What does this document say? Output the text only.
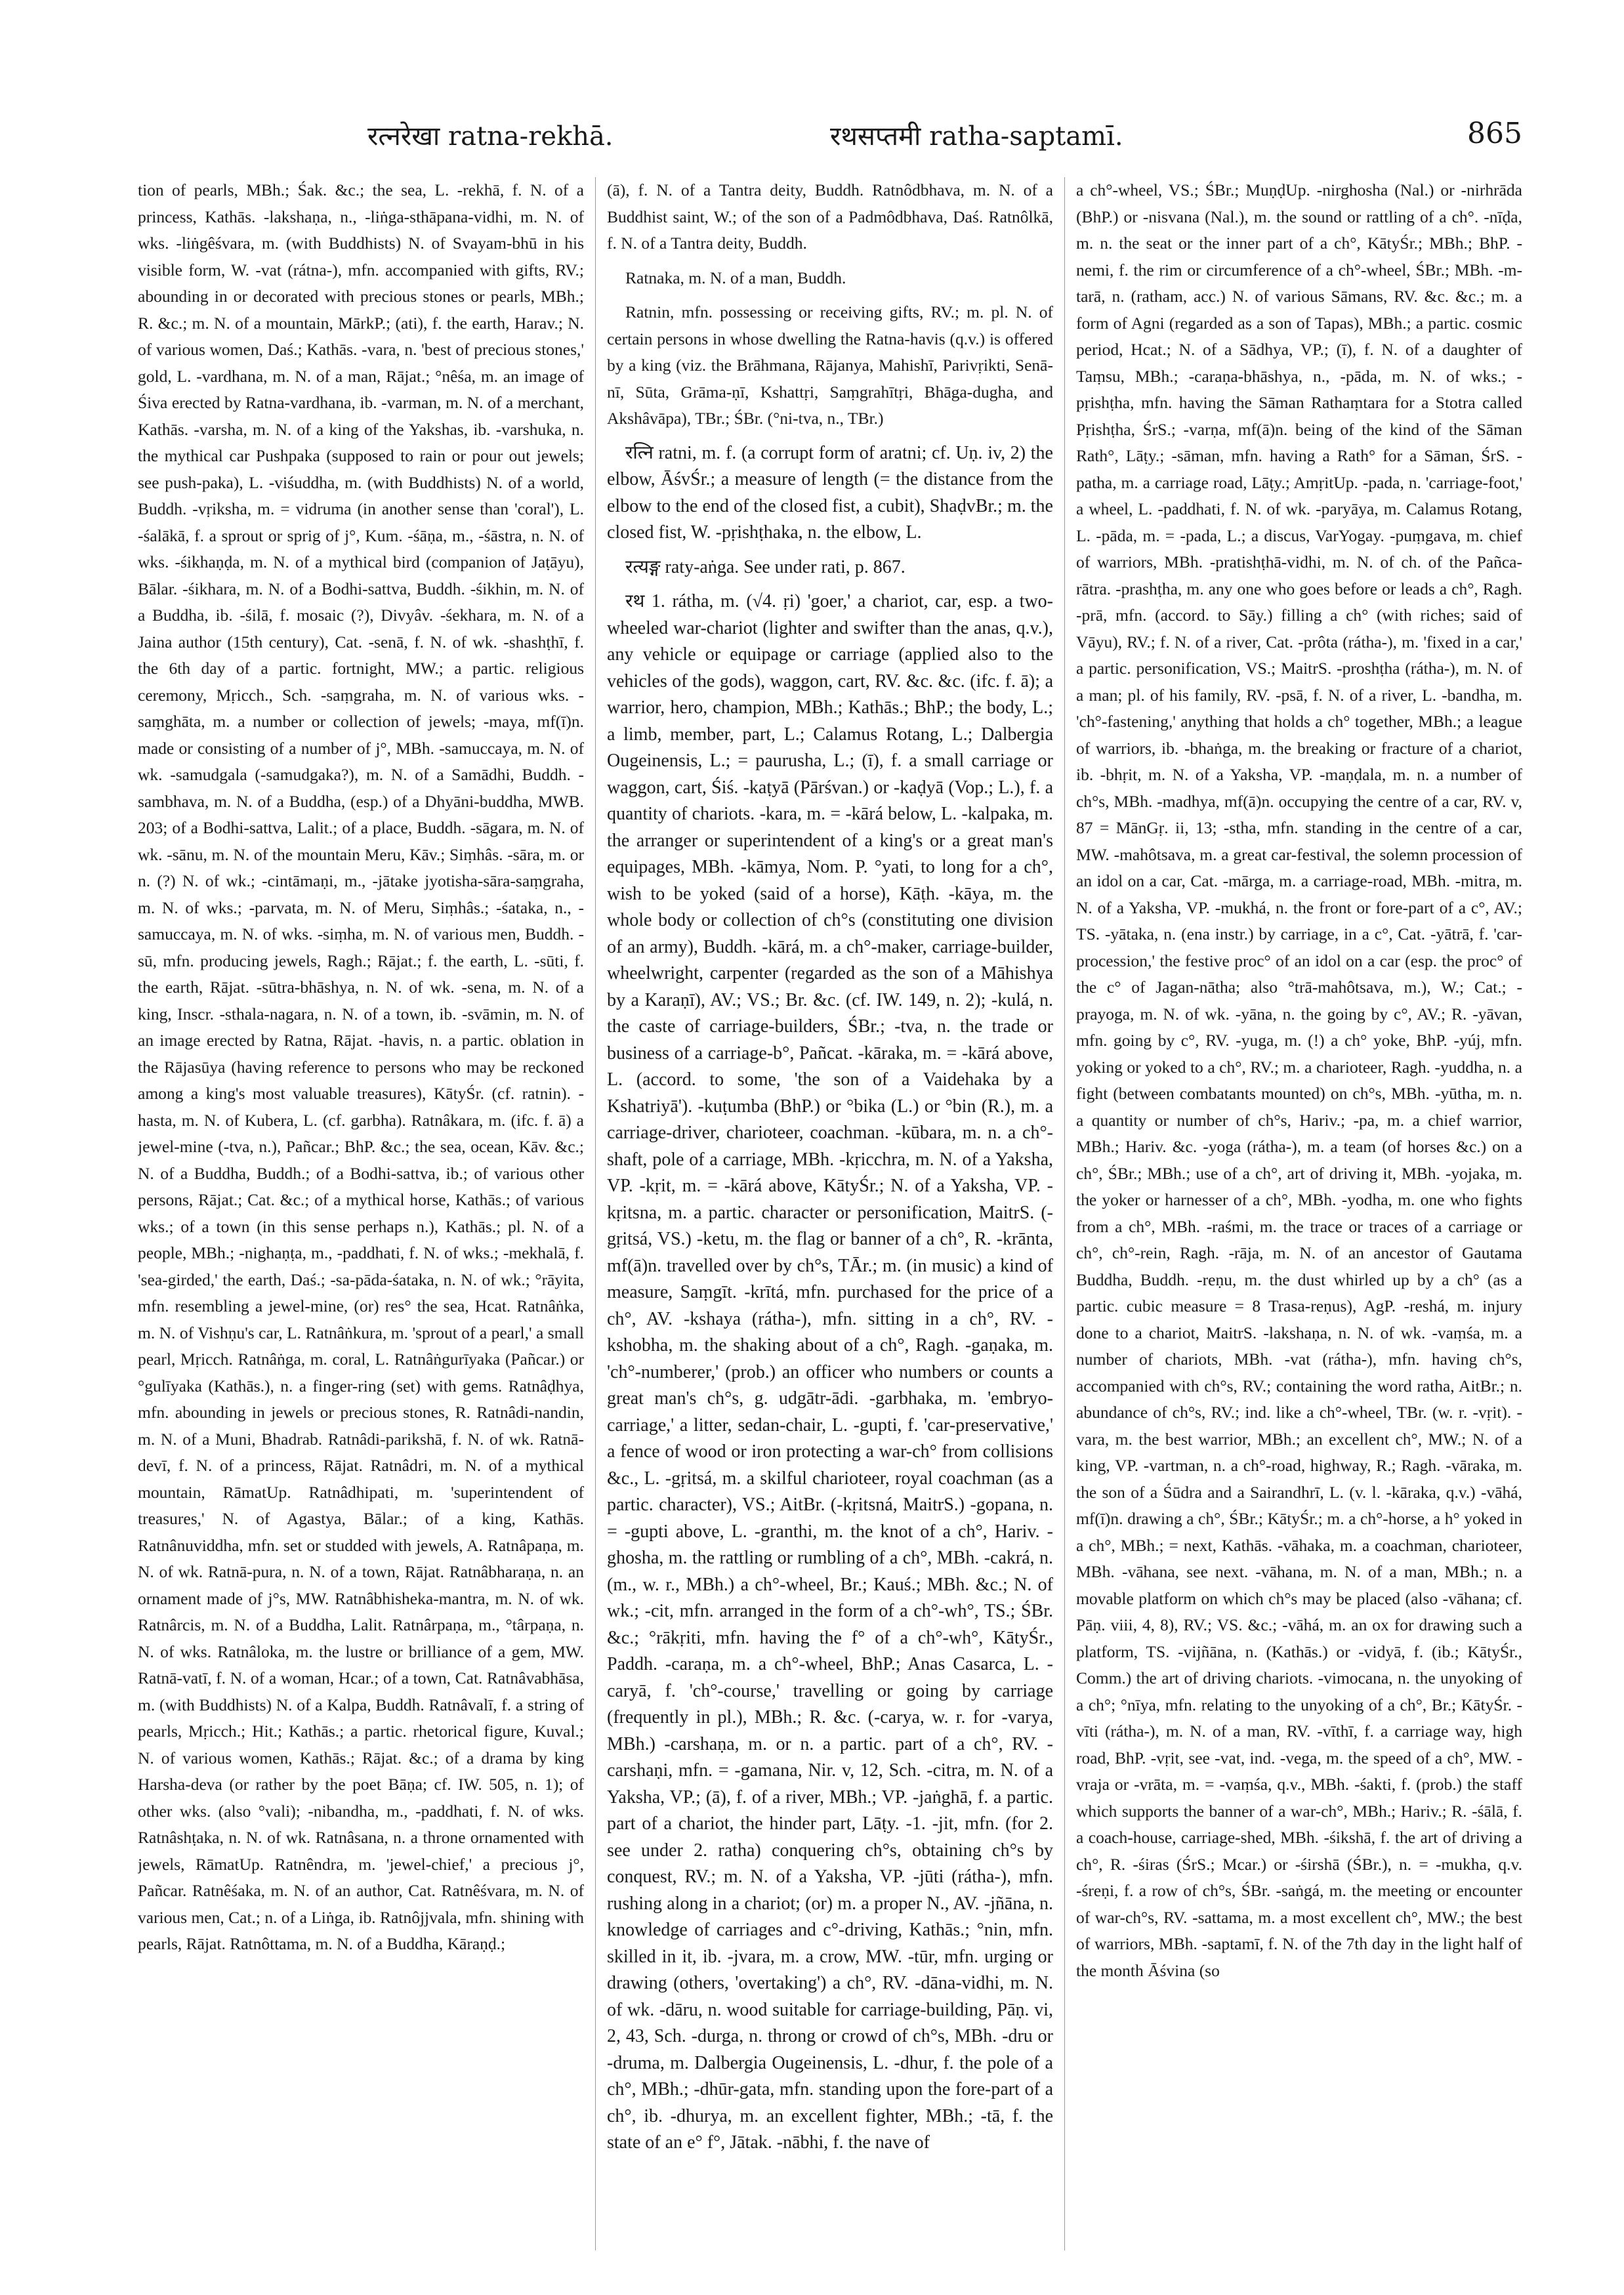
रत्नरेखा ratna-rekhā.	रथसप्तमी ratha-saptamī.	865

tion of pearls, MBh.; Śak. &c.; the sea, L. -rekhā, f. N. of a princess, Kathās. -lakshaṇa, n., -liṅga-sthāpana-vidhi, m. N. of wks. -liṅgêśvara, m. (with Buddhists) N. of Svayam-bhū in his visible form, W. -vat (rátna-), mfn. accompanied with gifts, RV.; abounding in or decorated with precious stones or pearls, MBh.; R. &c.; m. N. of a mountain, MārkP.; (ati), f. the earth, Harav.; N. of various women, Daś.; Kathās. -vara, n. 'best of precious stones,' gold, L. -vardhana, m. N. of a man, Rājat.; °nêśa, m. an image of Śiva erected by Ratna-vardhana, ib. -varman, m. N. of a merchant, Kathās. -varsha, m. N. of a king of the Yakshas, ib. -varshuka, n. the mythical car Pushpaka (supposed to rain or pour out jewels; see push-paka), L. -viśuddha, m. (with Buddhists) N. of a world, Buddh. -vṛiksha, m. = vidruma (in another sense than 'coral'), L. -śalākā, f. a sprout or sprig of j°, Kum. -śāṇa, m., -śāstra, n. N. of wks. -śikhaṇḍa, m. N. of a mythical bird (companion of Jaṭāyu), Bālar. -śikhara, m. N. of a Bodhi-sattva, Buddh. -śikhin, m. N. of a Buddha, ib. -śilā, f. mosaic (?), Divyâv. -śekhara, m. N. of a Jaina author (15th century), Cat. -senā, f. N. of wk. -shashṭhī, f. the 6th day of a partic. fortnight, MW.; a partic. religious ceremony, Mṛicch., Sch. -saṃgraha, m. N. of various wks. -saṃghāta, m. a number or collection of jewels; -maya, mf(ī)n. made or consisting of a number of j°, MBh. -samuccaya, m. N. of wk. -samudgala (-samudgaka?), m. N. of a Samādhi, Buddh. -sambhava, m. N. of a Buddha, (esp.) of a Dhyāni-buddha, MWB. 203; of a Bodhi-sattva, Lalit.; of a place, Buddh. -sāgara, m. N. of wk. -sānu, m. N. of the mountain Meru, Kāv.; Siṃhâs. -sāra, m. or n. (?) N. of wk.; -cintāmaṇi, m., -jātake jyotisha-sāra-saṃgraha, m. N. of wks.; -parvata, m. N. of Meru, Siṃhâs.; -śataka, n., -samuccaya, m. N. of wks. -siṃha, m. N. of various men, Buddh. -sū, mfn. producing jewels, Ragh.; Rājat.; f. the earth, L. -sūti, f. the earth, Rājat. -sūtra-bhāshya, n. N. of wk. -sena, m. N. of a king, Inscr. -sthala-nagara, n. N. of a town, ib. -svāmin, m. N. of an image erected by Ratna, Rājat. -havis, n. a partic. oblation in the Rājasūya (having reference to persons who may be reckoned among a king's most valuable treasures), KātyŚr. (cf. ratnin). -hasta, m. N. of Kubera, L. (cf. garbha). Ratnâkara, m. (ifc. f. ā) a jewel-mine (-tva, n.), Pañcar.; BhP. &c.; the sea, ocean, Kāv. &c.; N. of a Buddha, Buddh.; of a Bodhi-sattva, ib.; of various other persons, Rājat.; Cat. &c.; of a mythical horse, Kathās.; of various wks.; of a town (in this sense perhaps n.), Kathās.; pl. N. of a people, MBh.; -nighaṇṭa, m., -paddhati, f. N. of wks.; -mekhalā, f. 'sea-girded,' the earth, Daś.; -sa-pāda-śataka, n. N. of wk.; °rāyita, mfn. resembling a jewel-mine, (or) res° the sea, Hcat. Ratnâṅka, m. N. of Vishṇu's car, L. Ratnâṅkura, m. 'sprout of a pearl,' a small pearl, Mṛicch. Ratnâṅga, m. coral, L. Ratnâṅgurīyaka (Pañcar.) or °gulīyaka (Kathās.), n. a finger-ring (set) with gems. Ratnâḍhya, mfn. abounding in jewels or precious stones, R. Ratnâdi-nandin, m. N. of a Muni, Bhadrab. Ratnâdi-parikshā, f. N. of wk. Ratnā-devī, f. N. of a princess, Rājat. Ratnâdri, m. N. of a mythical mountain, RāmatUp. Ratnâdhipati, m. 'superintendent of treasures,' N. of Agastya, Bālar.; of a king, Kathās. Ratnânuviddha, mfn. set or studded with jewels, A. Ratnâpaṇa, m. N. of wk. Ratnā-pura, n. N. of a town, Rājat. Ratnâbharaṇa, n. an ornament made of j°s, MW. Ratnâbhisheka-mantra, m. N. of wk. Ratnârcis, m. N. of a Buddha, Lalit. Ratnârpaṇa, m., °târpaṇa, n. N. of wks. Ratnâloka, m. the lustre or brilliance of a gem, MW. Ratnā-vatī, f. N. of a woman, Hcar.; of a town, Cat. Ratnâvabhāsa, m. (with Buddhists) N. of a Kalpa, Buddh. Ratnâvalī, f. a string of pearls, Mṛicch.; Hit.; Kathās.; a partic. rhetorical figure, Kuval.; N. of various women, Kathās.; Rājat. &c.; of a drama by king Harsha-deva (or rather by the poet Bāṇa; cf. IW. 505, n. 1); of other wks. (also °vali); -nibandha, m., -paddhati, f. N. of wks. Ratnâshṭaka, n. N. of wk. Ratnâsana, n. a throne ornamented with jewels, RāmatUp. Ratnêndra, m. 'jewel-chief,' a precious j°, Pañcar. Ratnêśaka, m. N. of an author, Cat. Ratnêśvara, m. N. of various men, Cat.; n. of a Liṅga, ib. Ratnôjjvala, mfn. shining with pearls, Rājat. Ratnôttama, m. N. of a Buddha, Kāraṇḍ.;

(ā), f. N. of a Tantra deity, Buddh. Ratnôdbhava, m. N. of a Buddhist saint, W.; of the son of a Padmôdbhava, Daś. Ratnôlkā, f. N. of a Tantra deity, Buddh.

Ratnaka, m. N. of a man, Buddh.

Ratnin, mfn. possessing or receiving gifts, RV.; m. pl. N. of certain persons in whose dwelling the Ratna-havis (q.v.) is offered by a king (viz. the Brāhmana, Rājanya, Mahishī, Parivṛikti, Senā-nī, Sūta, Grāma-ṇī, Kshattṛi, Saṃgrahītṛi, Bhāga-dugha, and Akshâvāpa), TBr.; ŚBr. (°ni-tva, n., TBr.)

रत्नि ratni, m. f. (a corrupt form of aratni; cf. Uṇ. iv, 2) the elbow, ĀśvŚr.; a measure of length (= the distance from the elbow to the end of the closed fist, a cubit), ShaḍvBr.; m. the closed fist, W. -pṛishṭhaka, n. the elbow, L.

रत्यङ्ग raty-aṅga. See under rati, p. 867.

रथ 1. rátha, m. (√4. ṛi) 'goer,' a chariot, car, esp. a two-wheeled war-chariot (lighter and swifter than the anas, q.v.), any vehicle or equipage or carriage (applied also to the vehicles of the gods), waggon, cart, RV. &c. &c. (ifc. f. ā); a warrior, hero, champion, MBh.; Kathās.; BhP.; the body, L.; a limb, member, part, L.; Calamus Rotang, L.; Dalbergia Ougeinensis, L.; = paurusha, L.; (ī), f. a small carriage or waggon, cart, Śiś. -kaṭyā (Pārśvan.) or -kaḍyā (Vop.; L.), f. a quantity of chariots. -kara, m. = -kārá below, L. -kalpaka, m. the arranger or superintendent of a king's or a great man's equipages, MBh. -kāmya, Nom. P. °yati, to long for a ch°, wish to be yoked (said of a horse), Kāṭh. -kāya, m. the whole body or collection of ch°s (constituting one division of an army), Buddh. -kārá, m. a ch°-maker, carriage-builder, wheelwright, carpenter (regarded as the son of a Māhishya by a Karaṇī), AV.; VS.; Br. &c. (cf. IW. 149, n. 2); -kulá, n. the caste of carriage-builders, ŚBr.; -tva, n. the trade or business of a carriage-b°, Pañcat. -kāraka, m. = -kārá above, L. (accord. to some, 'the son of a Vaidehaka by a Kshatriyā'). -kuṭumba (BhP.) or °bika (L.) or °bin (R.), m. a carriage-driver, charioteer, coachman. -kūbara, m. n. a ch°-shaft, pole of a carriage, MBh. -kṛicchra, m. N. of a Yaksha, VP. -kṛit, m. = -kārá above, KātyŚr.; N. of a Yaksha, VP. -kṛitsna, m. a partic. character or personification, MaitrS. (-gṛitsá, VS.) -ketu, m. the flag or banner of a ch°, R. -krānta, mf(ā)n. travelled over by ch°s, TĀr.; m. (in music) a kind of measure, Saṃgīt. -krītá, mfn. purchased for the price of a ch°, AV. -kshaya (rátha-), mfn. sitting in a ch°, RV. -kshobha, m. the shaking about of a ch°, Ragh. -gaṇaka, m. 'ch°-numberer,' (prob.) an officer who numbers or counts a great man's ch°s, g. udgātr-ādi. -garbhaka, m. 'embryo-carriage,' a litter, sedan-chair, L. -gupti, f. 'car-preservative,' a fence of wood or iron protecting a war-ch° from collisions &c., L. -gṛitsá, m. a skilful charioteer, royal coachman (as a partic. character), VS.; AitBr. (-kṛitsná, MaitrS.) -gopana, n. = -gupti above, L. -granthi, m. the knot of a ch°, Hariv. -ghosha, m. the rattling or rumbling of a ch°, MBh. -cakrá, n. (m., w. r., MBh.) a ch°-wheel, Br.; Kauś.; MBh. &c.; N. of wk.; -cit, mfn. arranged in the form of a ch°-wh°, TS.; ŚBr. &c.; °rākṛiti, mfn. having the f° of a ch°-wh°, KātyŚr., Paddh. -caraṇa, m. a ch°-wheel, BhP.; Anas Casarca, L. -caryā, f. 'ch°-course,' travelling or going by carriage (frequently in pl.), MBh.; R. &c. (-carya, w. r. for -varya, MBh.) -carshaṇa, m. or n. a partic. part of a ch°, RV. -carshaṇi, mfn. = -gamana, Nir. v, 12, Sch. -citra, m. N. of a Yaksha, VP.; (ā), f. of a river, MBh.; VP. -jaṅghā, f. a partic. part of a chariot, the hinder part, Lāṭy. -1. -jit, mfn. (for 2. see under 2. ratha) conquering ch°s, obtaining ch°s by conquest, RV.; m. N. of a Yaksha, VP. -jūti (rátha-), mfn. rushing along in a chariot; (or) m. a proper N., AV. -jñāna, n. knowledge of carriages and c°-driving, Kathās.; °nin, mfn. skilled in it, ib. -jvara, m. a crow, MW. -tūr, mfn. urging or drawing (others, 'overtaking') a ch°, RV. -dāna-vidhi, m. N. of wk. -dāru, n. wood suitable for carriage-building, Pāṇ. vi, 2, 43, Sch. -durga, n. throng or crowd of ch°s, MBh. -dru or -druma, m. Dalbergia Ougeinensis, L. -dhur, f. the pole of a ch°, MBh.; -dhūr-gata, mfn. standing upon the fore-part of a ch°, ib. -dhurya, m. an excellent fighter, MBh.; -tā, f. the state of an e° f°, Jātak. -nābhi, f. the nave of

a ch°-wheel, VS.; ŚBr.; MuṇḍUp. -nirghosha (Nal.) or -nirhrāda (BhP.) or -nisvana (Nal.), m. the sound or rattling of a ch°. -nīḍa, m. n. the seat or the inner part of a ch°, KātyŚr.; MBh.; BhP. -nemi, f. the rim or circumference of a ch°-wheel, ŚBr.; MBh. -m-tarā, n. (ratham, acc.) N. of various Sāmans, RV. &c. &c.; m. a form of Agni (regarded as a son of Tapas), MBh.; a partic. cosmic period, Hcat.; N. of a Sādhya, VP.; (ī), f. N. of a daughter of Taṃsu, MBh.; -caraṇa-bhāshya, n., -pāda, m. N. of wks.; -pṛishṭha, mfn. having the Sāman Rathaṃtara for a Stotra called Pṛishṭha, ŚrS.; -varṇa, mf(ā)n. being of the kind of the Sāman Rath°, Lāṭy.; -sāman, mfn. having a Rath° for a Sāman, ŚrS. -patha, m. a carriage road, Lāṭy.; AmṛitUp. -pada, n. 'carriage-foot,' a wheel, L. -paddhati, f. N. of wk. -paryāya, m. Calamus Rotang, L. -pāda, m. = -pada, L.; a discus, VarYogay. -puṃgava, m. chief of warriors, MBh. -pratishṭhā-vidhi, m. N. of ch. of the Pañca-rātra. -prashṭha, m. any one who goes before or leads a ch°, Ragh. -prā, mfn. (accord. to Sāy.) filling a ch° (with riches; said of Vāyu), RV.; f. N. of a river, Cat. -prôta (rátha-), m. 'fixed in a car,' a partic. personification, VS.; MaitrS. -proshṭha (rátha-), m. N. of a man; pl. of his family, RV. -psā, f. N. of a river, L. -bandha, m. 'ch°-fastening,' anything that holds a ch° together, MBh.; a league of warriors, ib. -bhaṅga, m. the breaking or fracture of a chariot, ib. -bhṛit, m. N. of a Yaksha, VP. -maṇḍala, m. n. a number of ch°s, MBh. -madhya, mf(ā)n. occupying the centre of a car, RV. v, 87 = MānGṛ. ii, 13; -stha, mfn. standing in the centre of a car, MW. -mahôtsava, m. a great car-festival, the solemn procession of an idol on a car, Cat. -mārga, m. a carriage-road, MBh. -mitra, m. N. of a Yaksha, VP. -mukhá, n. the front or fore-part of a c°, AV.; TS. -yātaka, n. (ena instr.) by carriage, in a c°, Cat. -yātrā, f. 'car-procession,' the festive proc° of an idol on a car (esp. the proc° of the c° of Jagan-nātha; also °trā-mahôtsava, m.), W.; Cat.; -prayoga, m. N. of wk. -yāna, n. the going by c°, AV.; R. -yāvan, mfn. going by c°, RV. -yuga, m. (!) a ch° yoke, BhP. -yúj, mfn. yoking or yoked to a ch°, RV.; m. a charioteer, Ragh. -yuddha, n. a fight (between combatants mounted) on ch°s, MBh. -yūtha, m. n. a quantity or number of ch°s, Hariv.; -pa, m. a chief warrior, MBh.; Hariv. &c. -yoga (rátha-), m. a team (of horses &c.) on a ch°, ŚBr.; MBh.; use of a ch°, art of driving it, MBh. -yojaka, m. the yoker or harnesser of a ch°, MBh. -yodha, m. one who fights from a ch°, MBh. -raśmi, m. the trace or traces of a carriage or ch°, ch°-rein, Ragh. -rāja, m. N. of an ancestor of Gautama Buddha, Buddh. -reṇu, m. the dust whirled up by a ch° (as a partic. cubic measure = 8 Trasa-reṇus), AgP. -reshá, m. injury done to a chariot, MaitrS. -lakshaṇa, n. N. of wk. -vaṃśa, m. a number of chariots, MBh. -vat (rátha-), mfn. having ch°s, accompanied with ch°s, RV.; containing the word ratha, AitBr.; n. abundance of ch°s, RV.; ind. like a ch°-wheel, TBr. (w. r. -vṛit). -vara, m. the best warrior, MBh.; an excellent ch°, MW.; N. of a king, VP. -vartman, n. a ch°-road, highway, R.; Ragh. -vāraka, m. the son of a Śūdra and a Sairandhrī, L. (v. l. -kāraka, q.v.) -vāhá, mf(ī)n. drawing a ch°, ŚBr.; KātyŚr.; m. a ch°-horse, a h° yoked in a ch°, MBh.; = next, Kathās. -vāhaka, m. a coachman, charioteer, MBh. -vāhana, see next. -vāhana, m. N. of a man, MBh.; n. a movable platform on which ch°s may be placed (also -vāhana; cf. Pāṇ. viii, 4, 8), RV.; VS. &c.; -vāhá, m. an ox for drawing such a platform, TS. -vijñāna, n. (Kathās.) or -vidyā, f. (ib.; KātyŚr., Comm.) the art of driving chariots. -vimocana, n. the unyoking of a ch°; °nīya, mfn. relating to the unyoking of a ch°, Br.; KātyŚr. -vīti (rátha-), m. N. of a man, RV. -vīthī, f. a carriage way, high road, BhP. -vṛit, see -vat, ind. -vega, m. the speed of a ch°, MW. -vraja or -vrāta, m. = -vaṃśa, q.v., MBh. -śakti, f. (prob.) the staff which supports the banner of a war-ch°, MBh.; Hariv.; R. -śālā, f. a coach-house, carriage-shed, MBh. -śikshā, f. the art of driving a ch°, R. -śiras (ŚrS.; Mcar.) or -śirshā (ŚBr.), n. = -mukha, q.v. -śreṇi, f. a row of ch°s, ŚBr. -saṅgá, m. the meeting or encounter of war-ch°s, RV. -sattama, m. a most excellent ch°, MW.; the best of warriors, MBh. -saptamī, f. N. of the 7th day in the light half of the month Āśvina (so
